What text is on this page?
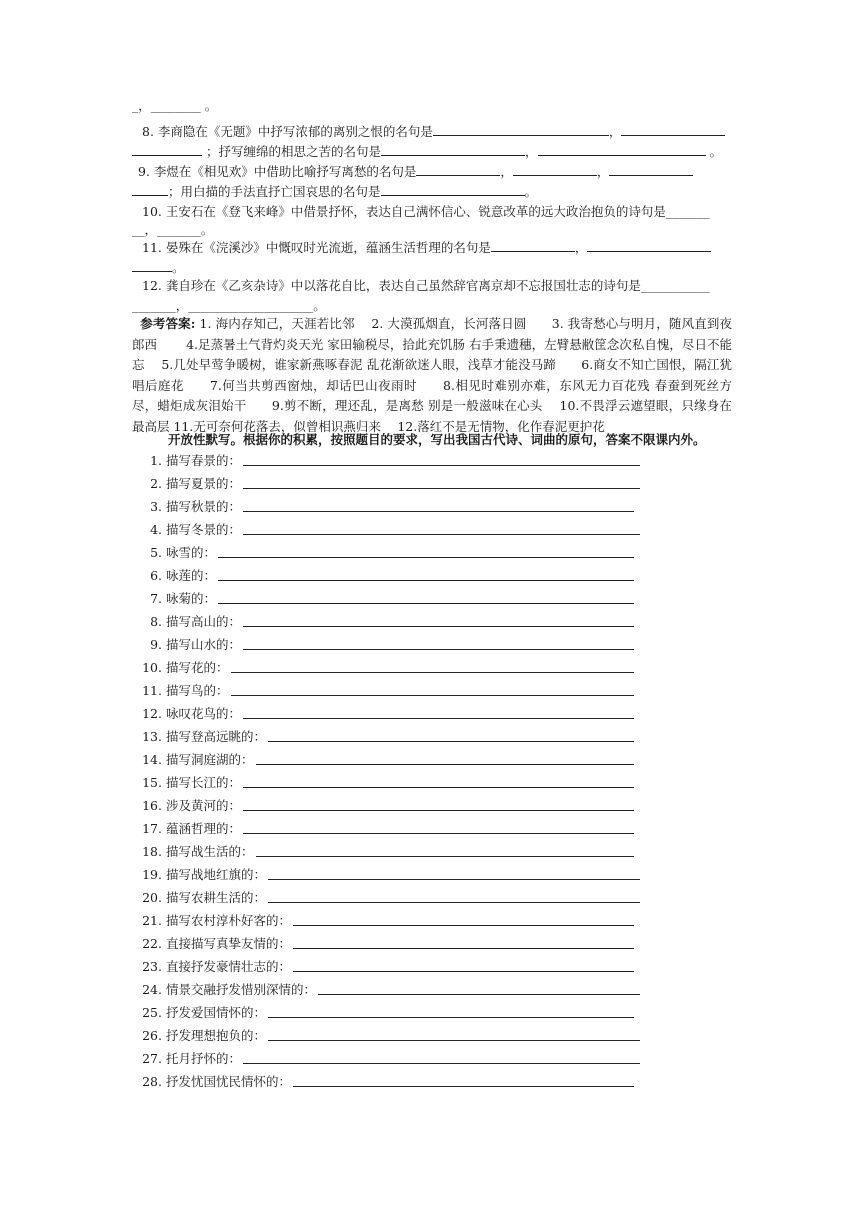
_，________ 。

8. 李商隐在《无题》中抒写浓郁的离别之恨的名句是	，

；抒写缠绵的相思之苦的名句是	，	。

9. 李煜在《相见欢》中借助比喻抒写离愁的名句是	，	，

；用白描的手法直抒亡国哀思的名句是	。

10. 王安石在《登飞来峰》中借景抒怀，表达自己满怀信心、锐意改革的远大政治抱负的诗句是_______

__，_______。

11. 晏殊在《浣溪沙》中慨叹时光流逝，蕴涵生活哲理的名句是	，

。

12. 龚自珍在《乙亥杂诗》中以落花自比，表达自己虽然辞官离京却不忘报国壮志的诗句是___________

_______，____________________。

参考答案: 1. 海内存知己，天涯若比邻　 2. 大漠孤烟直，长河落日圆　　3. 我寄愁心与明月，随风直到夜郎西　　 4.足蒸暑土气背灼炎天光 家田输税尽，拾此充饥肠 右手秉遗穗，左臂悬敝筐念次私自愧，尽日不能忘　 5.几处早莺争暖树，谁家新燕啄春泥 乱花渐欲迷人眼，浅草才能没马蹄　　6.商女不知亡国恨，隔江犹唱后庭花　　7.何当共剪西窗烛，却话巴山夜雨时　　8.相见时难别亦难，东风无力百花残 春蚕到死丝方尽，蜡炬成灰泪始干　　9.剪不断，理还乱，是离愁 别是一般滋味在心头　 10.不畏浮云遮望眼，只缘身在最高层 11.无可奈何花落去，似曾相识燕归来　 12.落红不是无情物，化作春泥更护花

开放性默写。根据你的积累，按照题目的要求，写出我国古代诗、词曲的原句，答案不限课内外。

1. 描写春景的：
2. 描写夏景的：
3. 描写秋景的：
4. 描写冬景的：
5. 咏雪的：
6. 咏莲的：
7. 咏菊的：
8. 描写高山的：
9. 描写山水的：
10. 描写花的：
11. 描写鸟的：
12. 咏叹花鸟的：
13. 描写登高远眺的：
14. 描写洞庭湖的：
15. 描写长江的：
16. 涉及黄河的：
17. 蕴涵哲理的：
18. 描写战生活的：
19. 描写战地红旗的：
20. 描写农耕生活的：
21. 描写农村淳朴好客的：
22. 直接描写真挚友情的：
23. 直接抒发豪情壮志的：
24. 情景交融抒发惜别深情的：
25. 抒发爱国情怀的：
26. 抒发理想抱负的：
27. 托月抒怀的：
28. 抒发忧国忧民情怀的：
